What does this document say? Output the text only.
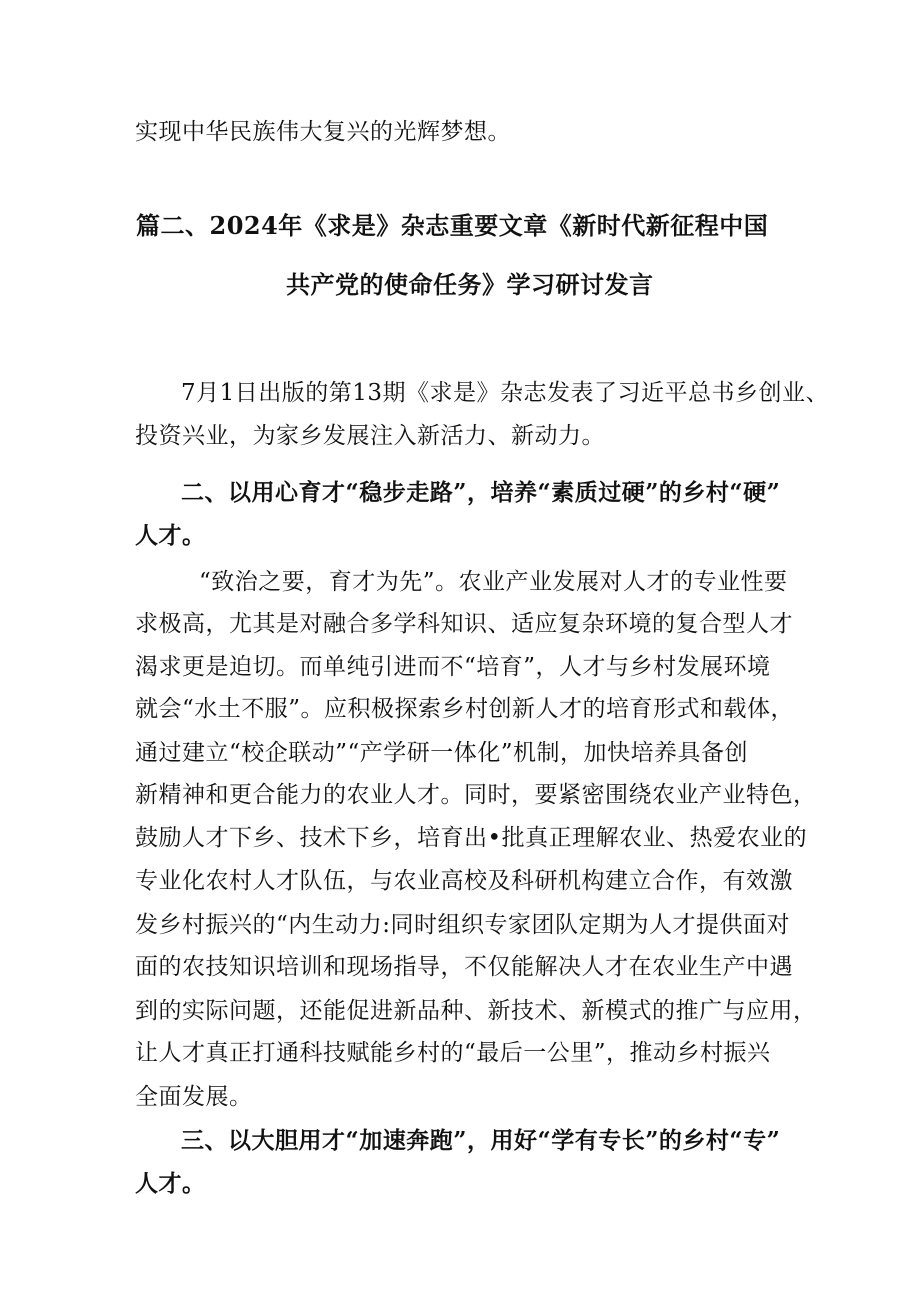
实现中华民族伟大复兴的光辉梦想。
篇二、2024年《求是》杂志重要文章《新时代新征程中国
共产党的使命任务》学习研讨发言
7月1日出版的第13期《求是》杂志发表了习近平总书乡创业、
投资兴业，为家乡发展注入新活力、新动力。
二、以用心育才“稳步走路”，培养“素质过硬”的乡村“硬”
人才。
“致治之要，育才为先”。农业产业发展对人才的专业性要
求极高，尤其是对融合多学科知识、适应复杂环境的复合型人才
渴求更是迫切。而单纯引进而不“培育”，人才与乡村发展环境
就会“水土不服”。应积极探索乡村创新人才的培育形式和载体，
通过建立“校企联动”“产学研一体化”机制，加快培养具备创
新精神和更合能力的农业人才。同时，要紧密围绕农业产业特色，
鼓励人才下乡、技术下乡，培育出•批真正理解农业、热爱农业的
专业化农村人才队伍，与农业高校及科研机构建立合作，有效激
发乡村振兴的“内生动力:同时组织专家团队定期为人才提供面对
面的农技知识培训和现场指导，不仅能解决人才在农业生产中遇
到的实际问题，还能促进新品种、新技术、新模式的推广与应用，
让人才真正打通科技赋能乡村的“最后一公里”，推动乡村振兴
全面发展。
三、以大胆用才“加速奔跑”，用好“学有专长”的乡村“专”
人才。
